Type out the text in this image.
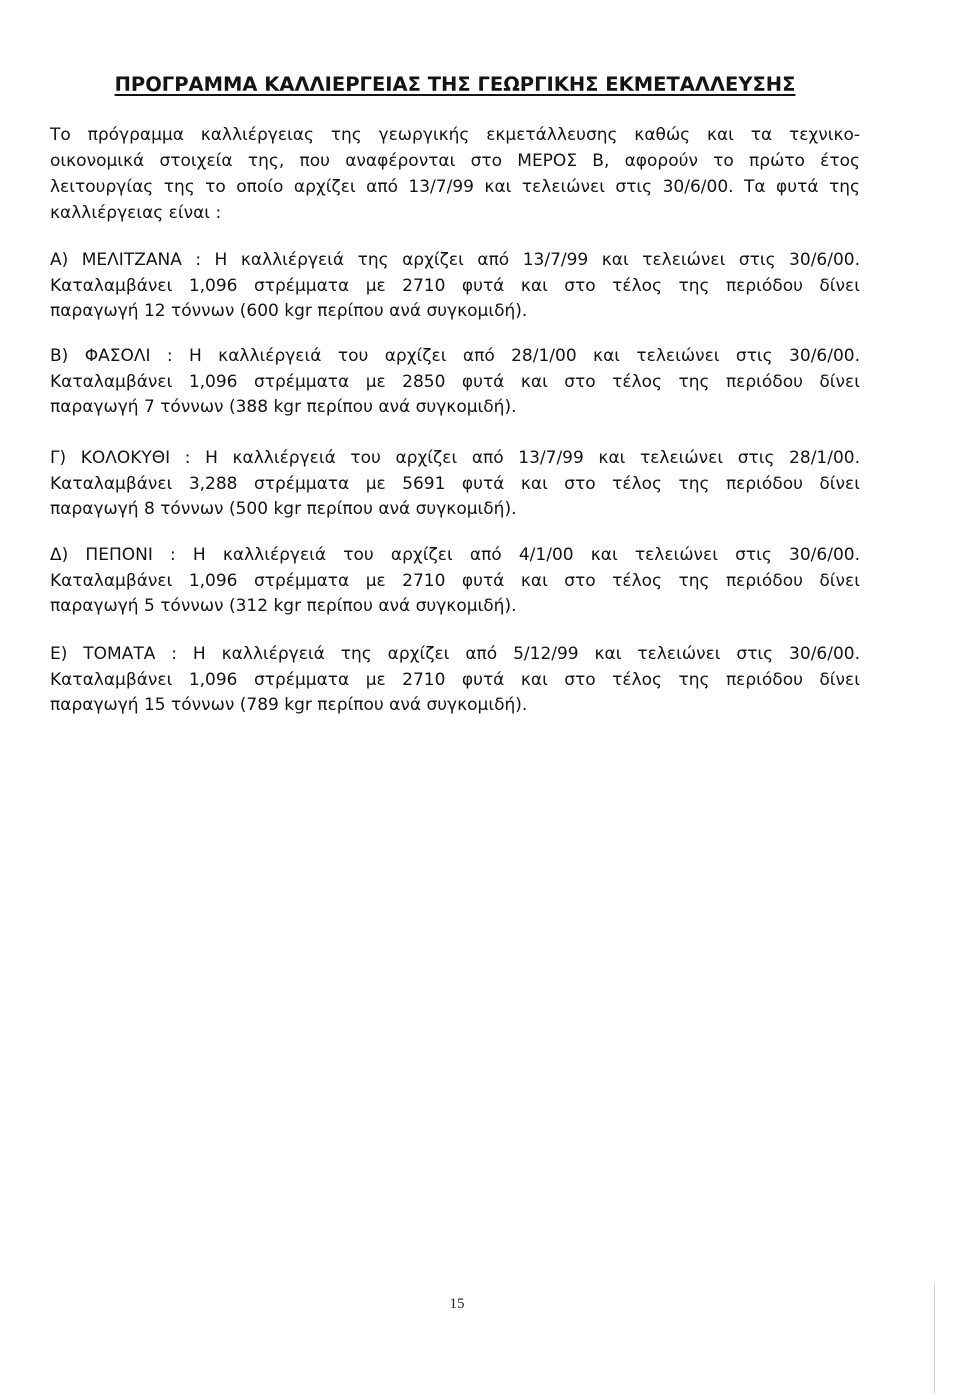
ΠΡΟΓΡΑΜΜΑ ΚΑΛΛΙΕΡΓΕΙΑΣ ΤΗΣ ΓΕΩΡΓΙΚΗΣ ΕΚΜΕΤΑΛΛΕΥΣΗΣ
Το πρόγραμμα καλλιέργειας της γεωργικής εκμετάλλευσης καθώς και τα τεχνικο-
οικονομικά στοιχεία της, που αναφέρονται στο ΜΕΡΟΣ Β, αφορούν το πρώτο έτος
λειτουργίας της το οποίο αρχίζει από 13/7/99 και τελειώνει στις 30/6/00. Τα φυτά της
καλλιέργειας είναι :
Α) ΜΕΛΙΤΖΑΝΑ : Η καλλιέργειά της αρχίζει από 13/7/99 και τελειώνει στις 30/6/00.
Καταλαμβάνει 1,096 στρέμματα με 2710 φυτά και στο τέλος της περιόδου δίνει
παραγωγή 12 τόννων (600 kgr περίπου ανά συγκομιδή).
Β) ΦΑΣΟΛΙ : Η καλλιέργειά του αρχίζει από 28/1/00 και τελειώνει στις 30/6/00.
Καταλαμβάνει 1,096 στρέμματα με 2850 φυτά και στο τέλος της περιόδου δίνει
παραγωγή 7 τόννων (388 kgr περίπου ανά συγκομιδή).
Γ) ΚΟΛΟΚΥΘΙ : Η καλλιέργειά του αρχίζει από 13/7/99 και τελειώνει στις 28/1/00.
Καταλαμβάνει 3,288 στρέμματα με 5691 φυτά και στο τέλος της περιόδου δίνει
παραγωγή 8 τόννων (500 kgr περίπου ανά συγκομιδή).
Δ) ΠΕΠΟΝΙ : Η καλλιέργειά του αρχίζει από 4/1/00 και τελειώνει στις 30/6/00.
Καταλαμβάνει 1,096 στρέμματα με 2710 φυτά και στο τέλος της περιόδου δίνει
παραγωγή 5 τόννων (312 kgr περίπου ανά συγκομιδή).
Ε) ΤΟΜΑΤΑ : Η καλλιέργειά της αρχίζει από 5/12/99 και τελειώνει στις 30/6/00.
Καταλαμβάνει 1,096 στρέμματα με 2710 φυτά και στο τέλος της περιόδου δίνει
παραγωγή 15 τόννων (789 kgr περίπου ανά συγκομιδή).
15
